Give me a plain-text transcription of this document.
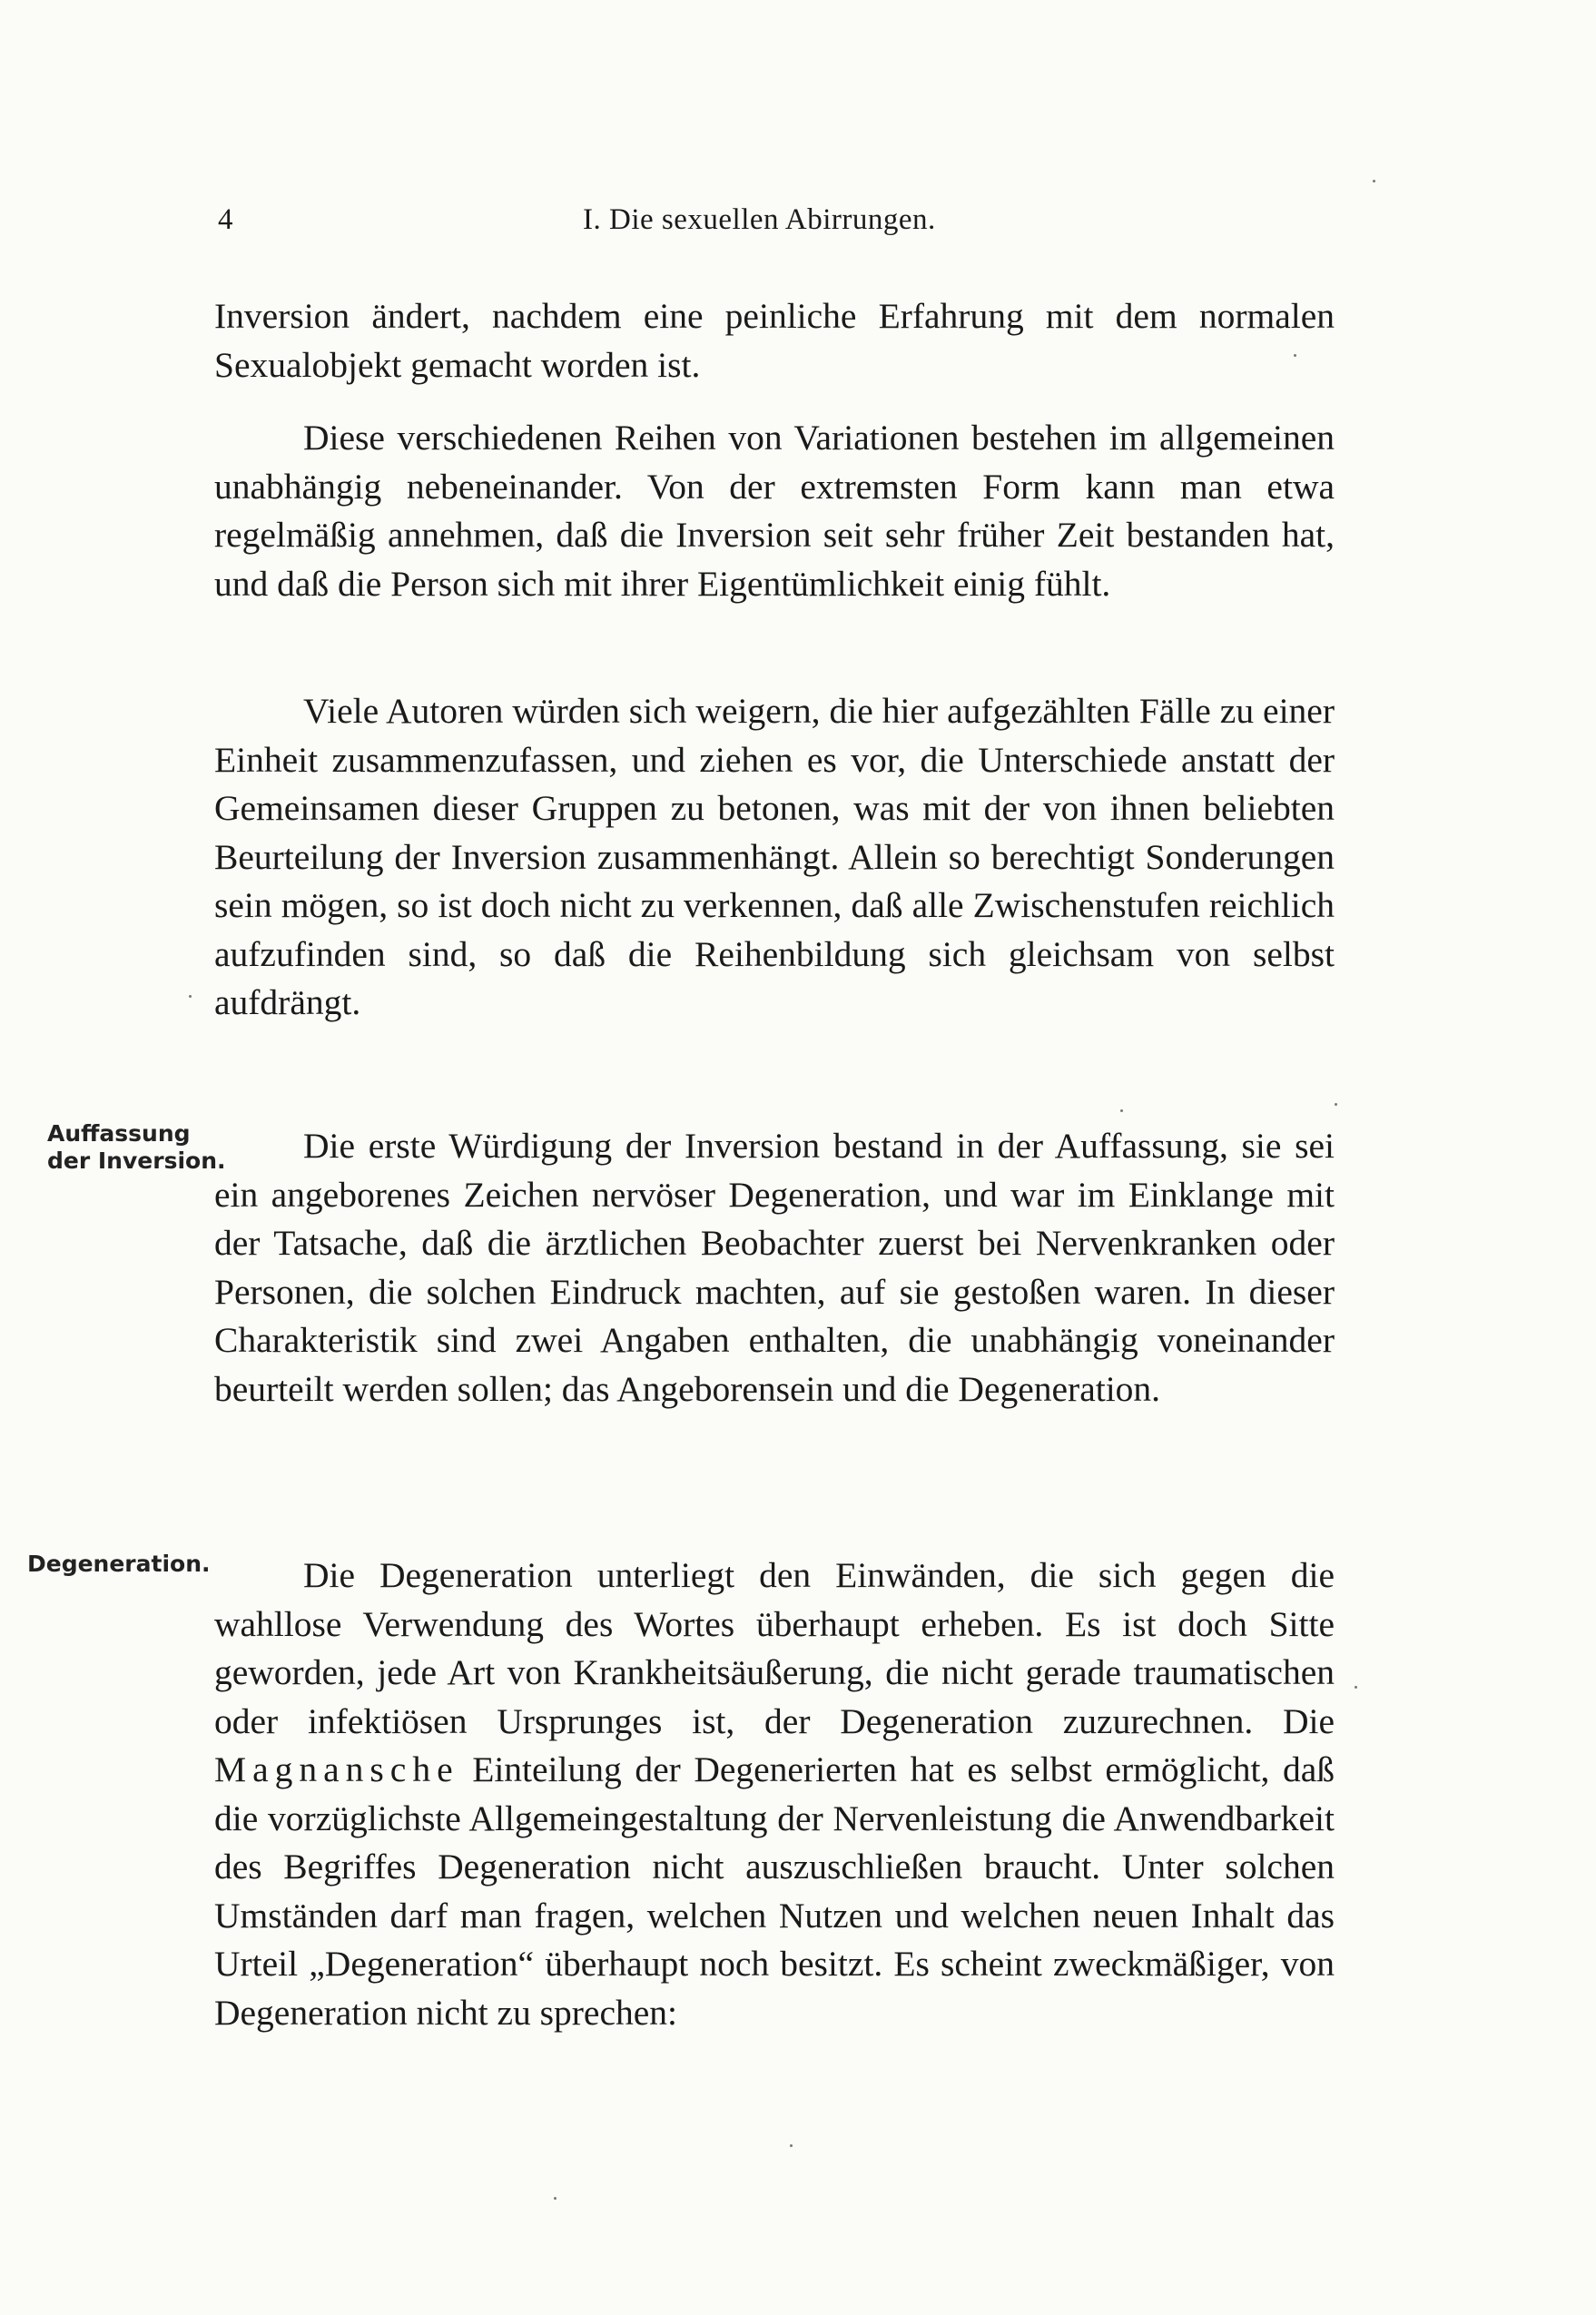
4	I. Die sexuellen Abirrungen.

Inversion ändert, nachdem eine peinliche Erfahrung mit dem normalen Sexualobjekt gemacht worden ist.

Diese verschiedenen Reihen von Variationen bestehen im allgemeinen unabhängig nebeneinander. Von der extremsten Form kann man etwa regelmäßig annehmen, daß die Inversion seit sehr früher Zeit bestanden hat, und daß die Person sich mit ihrer Eigentümlichkeit einig fühlt.

Viele Autoren würden sich weigern, die hier aufgezählten Fälle zu einer Einheit zusammenzufassen, und ziehen es vor, die Unterschiede anstatt der Gemeinsamen dieser Gruppen zu betonen, was mit der von ihnen beliebten Beurteilung der Inversion zusammenhängt. Allein so berechtigt Sonderungen sein mögen, so ist doch nicht zu verkennen, daß alle Zwischenstufen reichlich aufzufinden sind, so daß die Reihenbildung sich gleichsam von selbst aufdrängt.

Auffassung
der Inversion.	Die erste Würdigung der Inversion bestand in der Auffassung, sie sei ein angeborenes Zeichen nervöser Degeneration, und war im Einklange mit der Tatsache, daß die ärztlichen Beobachter zuerst bei Nervenkranken oder Personen, die solchen Eindruck machten, auf sie gestoßen waren. In dieser Charakteristik sind zwei Angaben enthalten, die unabhängig voneinander beurteilt werden sollen; das Angeborensein und die Degeneration.

Degeneration.	Die Degeneration unterliegt den Einwänden, die sich gegen die wahllose Verwendung des Wortes überhaupt erheben. Es ist doch Sitte geworden, jede Art von Krankheitsäußerung, die nicht gerade traumatischen oder infektiösen Ursprunges ist, der Degeneration zuzurechnen. Die Magnansche Einteilung der Degenerierten hat es selbst ermöglicht, daß die vorzüglichste Allgemeingestaltung der Nervenleistung die Anwendbarkeit des Begriffes Degeneration nicht auszuschließen braucht. Unter solchen Umständen darf man fragen, welchen Nutzen und welchen neuen Inhalt das Urteil „Degeneration“ überhaupt noch besitzt. Es scheint zweckmäßiger, von Degeneration nicht zu sprechen:
